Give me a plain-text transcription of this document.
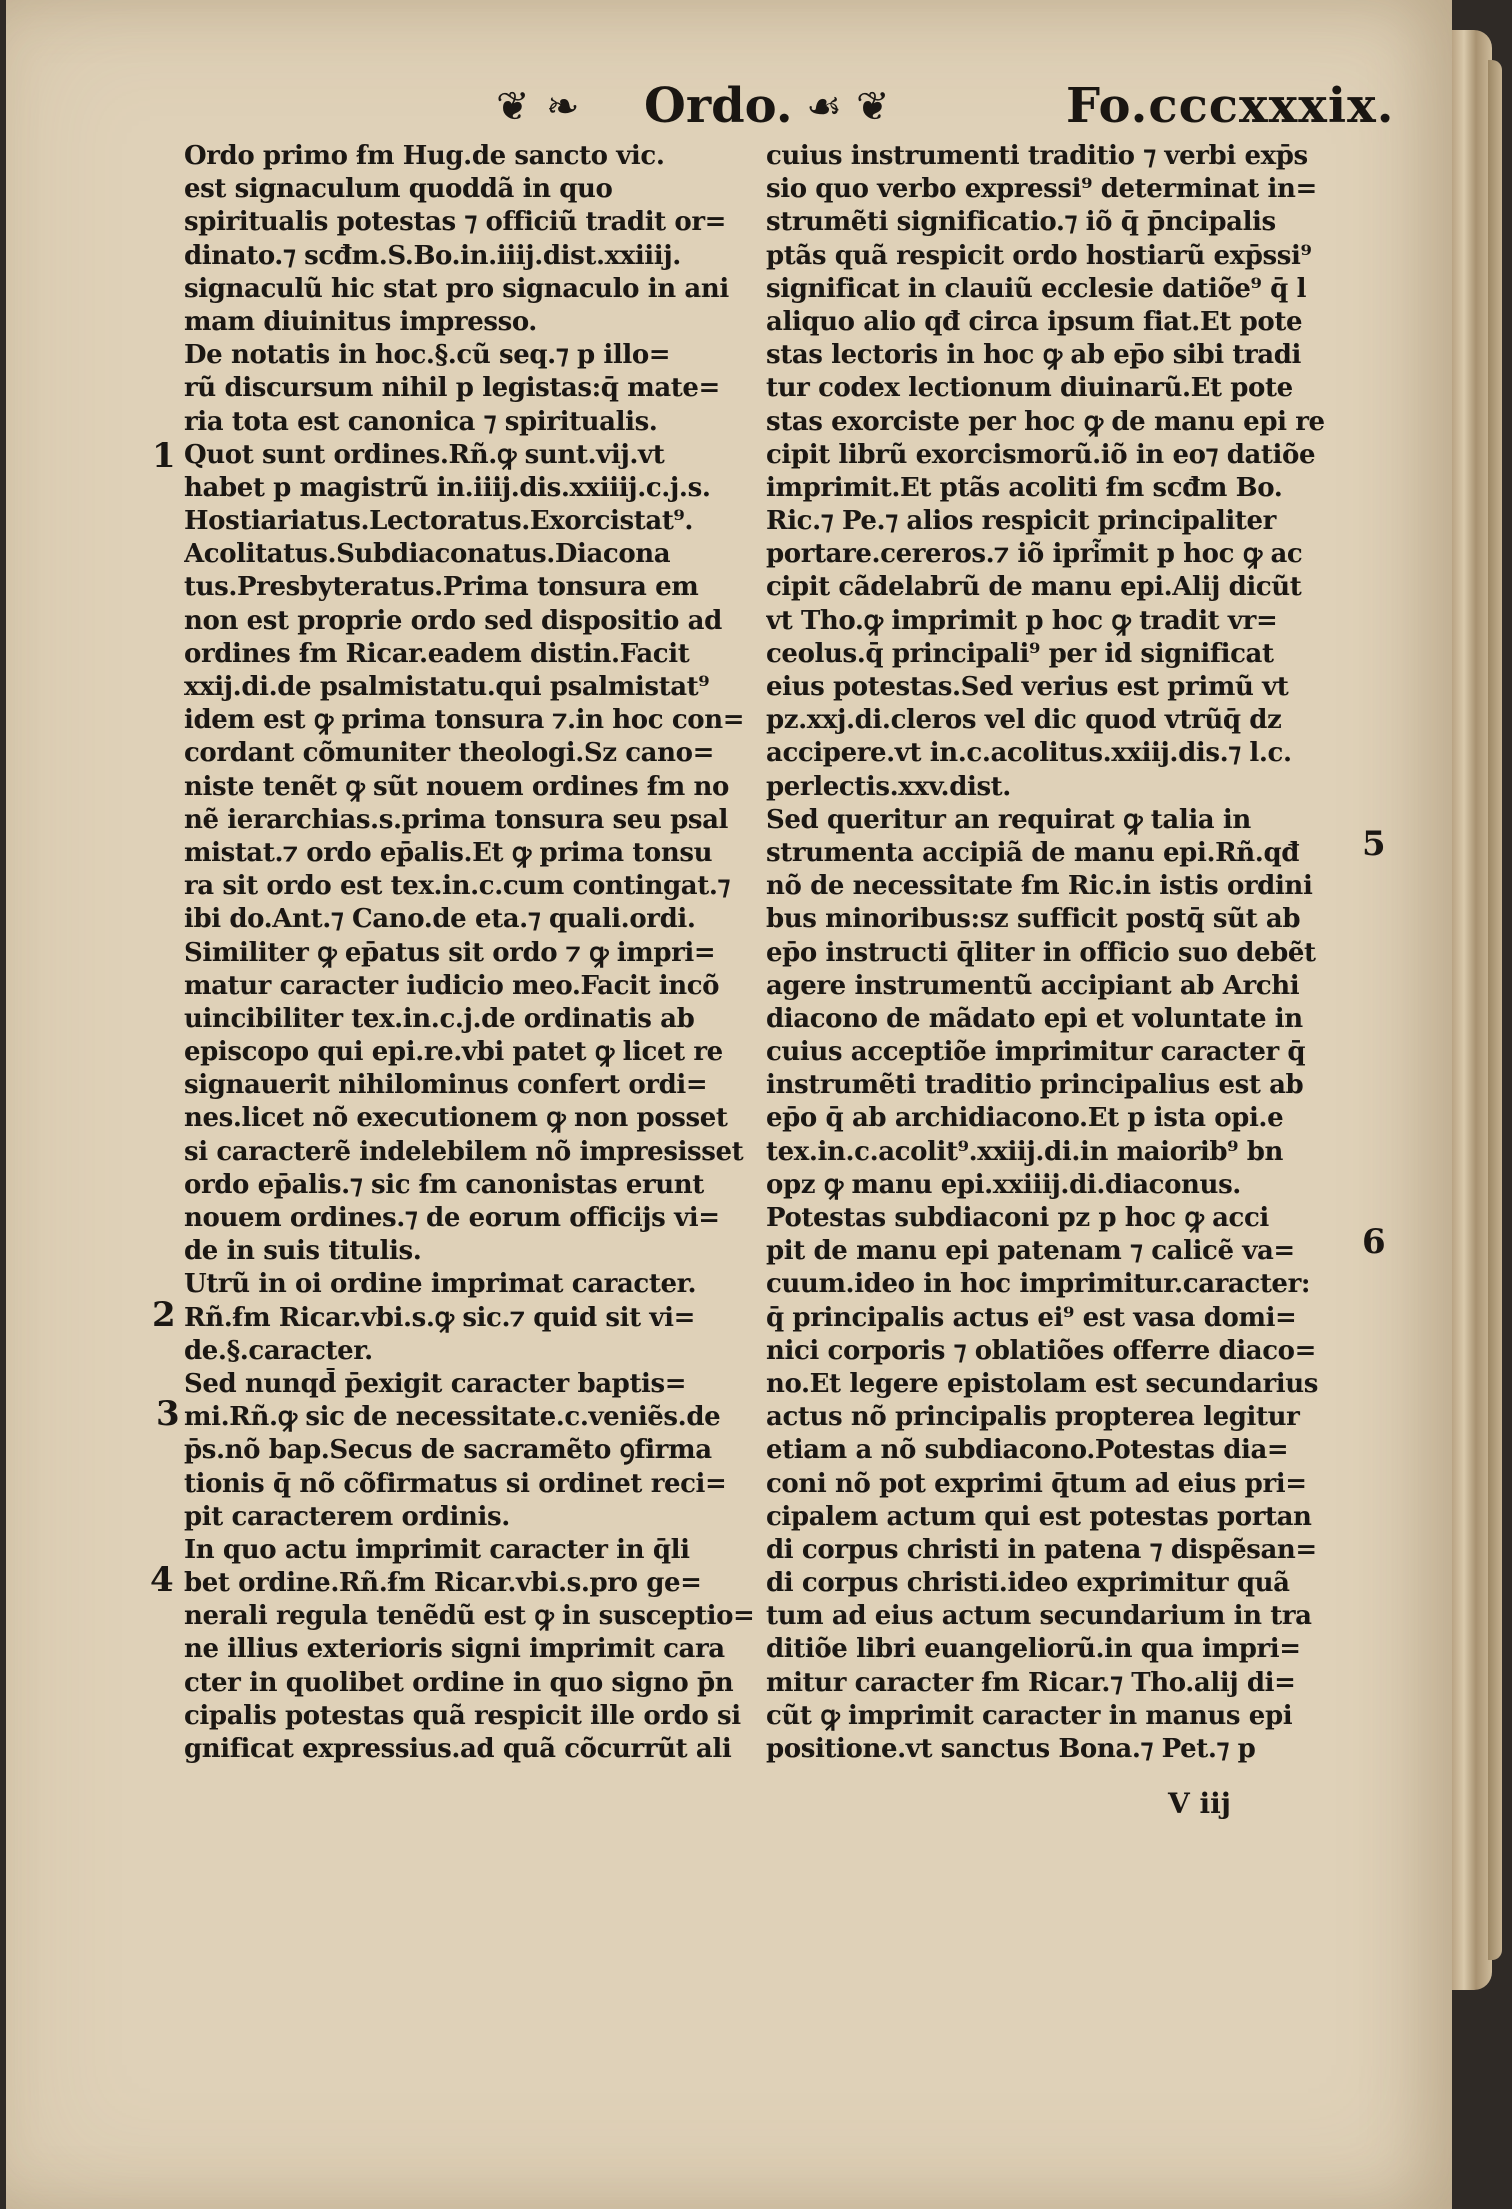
❦ ❧ Ordo. ☙ ❦	Fo.cccxxxix.
Ordo primo ẜm Hug.de sancto vic.
est signaculum quoddã in quo
spiritualis potestas ⁊ officiũ tradit or=
dinato.⁊ scđm.S.Bo.in.iiij.dist.xxiiij.
signaculũ hic stat pro signaculo in ani
mam diuinitus impresso.
De notatis in hoc.§.cũ seq.⁊ p illo=
rũ discursum nihil p legistas:q̄ mate=
ria tota est canonica ⁊ spiritualis.
Quot sunt ordines.Rñ.ꝙ sunt.vij.vt
habet p magistrũ in.iiij.dis.xxiiij.c.j.s.
Hostiariatus.Lectoratus.Exorcistat⁹.
Acolitatus.Subdiaconatus.Diacona
tus.Presbyteratus.Prima tonsura em
non est proprie ordo sed dispositio ad
ordines ẜm Ricar.eadem distin.Facit
xxij.di.de psalmistatu.qui psalmistat⁹
idem est ꝙ prima tonsura ⁊.in hoc con=
cordant cõmuniter theologi.Sz cano=
niste tenẽt ꝙ sũt nouem ordines ẜm no
nẽ ierarchias.s.prima tonsura seu psal
mistat.⁊ ordo ep̄alis.Et ꝙ prima tonsu
ra sit ordo est tex.in.c.cum contingat.⁊
ibi do.Ant.⁊ Cano.de eta.⁊ quali.ordi.
Similiter ꝙ ep̄atus sit ordo ⁊ ꝙ impri=
matur caracter iudicio meo.Facit incõ
uincibiliter tex.in.c.j.de ordinatis ab
episcopo qui epi.re.vbi patet ꝙ licet re
signauerit nihilominus confert ordi=
nes.licet nõ executionem ꝙ non posset
si caracterẽ indelebilem nõ impresisset
ordo ep̄alis.⁊ sic ẜm canonistas erunt
nouem ordines.⁊ de eorum officijs vi=
de in suis titulis.
Utrũ in oi ordine imprimat caracter.
Rñ.ẜm Ricar.vbi.s.ꝙ sic.⁊ quid sit vi=
de.§.caracter.
Sed nunqd̄ p̄exigit caracter baptis=
mi.Rñ.ꝙ sic de necessitate.c.veniẽs.de
p̄s.nõ bap.Secus de sacramẽto ꝯfirma
tionis q̄ nõ cõfirmatus si ordinet reci=
pit caracterem ordinis.
In quo actu imprimit caracter in q̄li
bet ordine.Rñ.ẜm Ricar.vbi.s.pro ge=
nerali regula tenẽdũ est ꝙ in susceptio=
ne illius exterioris signi imprimit cara
cter in quolibet ordine in quo signo p̄n
cipalis potestas quã respicit ille ordo si
gnificat expressius.ad quã cõcurrũt ali
cuius instrumenti traditio ⁊ verbi exp̄s
sio quo verbo expressi⁹ determinat in=
strumẽti significatio.⁊ iõ q̄ p̄ncipalis
ptãs quã respicit ordo hostiarũ exp̄ssi⁹
significat in clauiũ ecclesie datiõe⁹ q̄ l
aliquo alio qđ circa ipsum fiat.Et pote
stas lectoris in hoc ꝙ ab ep̄o sibi tradi
tur codex lectionum diuinarũ.Et pote
stas exorciste per hoc ꝙ de manu epi re
cipit librũ exorcismorũ.iõ in eo⁊ datiõe
imprimit.Et ptãs acoliti ẜm scđm Bo.
Ric.⁊ Pe.⁊ alios respicit principaliter
portare.cereros.⁊ iõ ipri͂mit p hoc ꝙ ac
cipit cãdelabrũ de manu epi.Alij dicũt
vt Tho.ꝙ imprimit p hoc ꝙ tradit vr=
ceolus.q̄ principali⁹ per id significat
eius potestas.Sed verius est primũ vt
pz.xxj.di.cleros vel dic quod vtrũq̄ dz
accipere.vt in.c.acolitus.xxiij.dis.⁊ l.c.
perlectis.xxv.dist.
Sed queritur an requirat ꝙ talia in
strumenta accipiã de manu epi.Rñ.qđ
nõ de necessitate ẜm Ric.in istis ordini
bus minoribus:sz sufficit postq̄ sũt ab
ep̄o instructi q̄liter in officio suo debẽt
agere instrumentũ accipiant ab Archi
diacono de mãdato epi et voluntate in
cuius acceptiõe imprimitur caracter q̄
instrumẽti traditio principalius est ab
ep̄o q̄ ab archidiacono.Et p ista opi.e
tex.in.c.acolit⁹.xxiij.di.in maiorib⁹ bn
opz ꝙ manu epi.xxiiij.di.diaconus.
Potestas subdiaconi pz p hoc ꝙ acci
pit de manu epi patenam ⁊ calicẽ va=
cuum.ideo in hoc imprimitur.caracter:
q̄ principalis actus ei⁹ est vasa domi=
nici corporis ⁊ oblatiões offerre diaco=
no.Et legere epistolam est secundarius
actus nõ principalis propterea legitur
etiam a nõ subdiacono.Potestas dia=
coni nõ pot exprimi q̄tum ad eius pri=
cipalem actum qui est potestas portan
di corpus christi in patena ⁊ dispẽsan=
di corpus christi.ideo exprimitur quã
tum ad eius actum secundarium in tra
ditiõe libri euangeliorũ.in qua impri=
mitur caracter ẜm Ricar.⁊ Tho.alij di=
cũt ꝙ imprimit caracter in manus epi
positione.vt sanctus Bona.⁊ Pet.⁊ p
1
2
3
4
5
6
V iij
